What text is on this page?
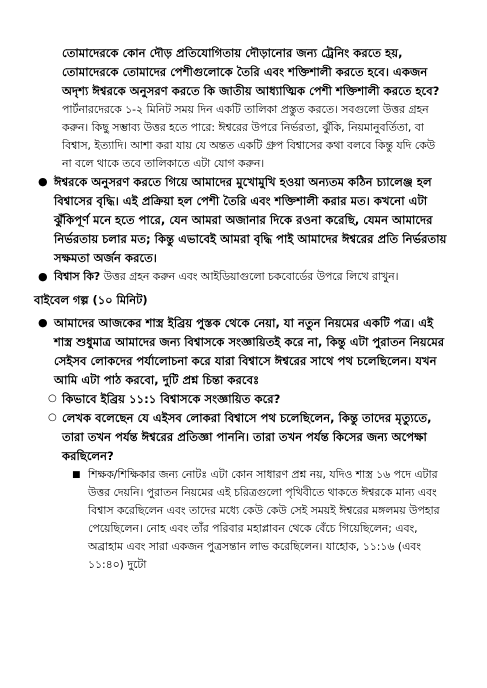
তোমাদেরকে কোন দৌড় প্রতিযোগিতায় দৌড়ানোর জন্য ট্রেনিং করতে হয়, তোমাদেরকে তোমাদের পেশীগুলোকে তৈরি এবং শক্তিশালী করতে হবে। একজন অদৃশ্য ঈশ্বরকে অনুসরণ করতে কি জাতীয় আধ্যাত্মিক পেশী শক্তিশালী করতে হবে?

পার্টনারদেরকে ১-২ মিনিট সময় দিন একটি তালিকা প্রস্তুত করতে। সবগুলো উত্তর গ্রহন করুন। কিছু সম্ভাব্য উত্তর হতে পারে: ঈশ্বরের উপরে নির্ভরতা, ঝুঁকি, নিয়মানুবর্তিতা, বা বিশ্বাস, ইত্যাদি। আশা করা যায় যে অন্তত একটি গ্রুপ বিশ্বাসের কথা বলবে কিন্তু যদি কেউ না বলে থাকে তবে তালিকাতে এটা যোগ করুন।

● ঈশ্বরকে অনুসরণ করতে গিয়ে আমাদের মুখোমুখি হওয়া অন্যতম কঠিন চ্যালেঞ্জ হল বিশ্বাসের বৃদ্ধি। এই প্রক্রিয়া হল পেশী তৈরি এবং শক্তিশালী করার মত। কখনো এটা ঝুঁকিপূর্ণ মনে হতে পারে, যেন আমরা অজানার দিকে রওনা করেছি, যেমন আমাদের নির্ভরতায় চলার মত; কিন্তু এভাবেই আমরা বৃদ্ধি পাই আমাদের ঈশ্বরের প্রতি নির্ভরতায় সক্ষমতা অর্জন করতে।

● বিশ্বাস কি? উত্তর গ্রহন করুন এবং আইডিয়াগুলো চকবোর্ডের উপরে লিখে রাখুন।

বাইবেল গল্প (১০ মিনিট)

● আমাদের আজকের শাস্ত্র ইব্রিয় পুস্তক থেকে নেয়া, যা নতুন নিয়মের একটি পত্র। এই শাস্ত্র শুধুমাত্র আমাদের জন্য বিশ্বাসকে সংজ্ঞায়িতই করে না, কিন্তু এটা পুরাতন নিয়মের সেইসব লোকদের পর্যালোচনা করে যারা বিশ্বাসে ঈশ্বরের সাথে পথ চলেছিলেন। যখন আমি এটা পাঠ করবো, দুটি প্রশ্ন চিন্তা করবেঃ

○ কিভাবে ইব্রিয় ১১:১ বিশ্বাসকে সংজ্ঞায়িত করে?

○ লেখক বলেছেন যে এইসব লোকরা বিশ্বাসে পথ চলেছিলেন, কিন্তু তাদের মৃত্যুতে, তারা তখন পর্যন্ত ঈশ্বরের প্রতিজ্ঞা পাননি। তারা তখন পর্যন্ত কিসের জন্য অপেক্ষা করছিলেন?

■ শিক্ষক/শিক্ষিকার জন্য নোটঃ এটা কোন সাধারণ প্রশ্ন নয়, যদিও শাস্ত্র ১৬ পদে এটার উত্তর দেয়নি। পুরাতন নিয়মের এই চরিত্রগুলো পৃথিবীতে থাকতে ঈশ্বরকে মান্য এবং বিশ্বাস করেছিলেন এবং তাদের মধ্যে কেউ কেউ সেই সময়ই ঈশ্বরের মঙ্গলময় উপহার পেয়েছিলেন। নোহ এবং তাঁর পরিবার মহাপ্লাবন থেকে বেঁচে গিয়েছিলেন; এবং, অব্রাহাম এবং সারা একজন পুত্রসন্তান লাভ করেছিলেন। যাহোক, ১১:১৬ (এবং ১১:৪০) দুটো
